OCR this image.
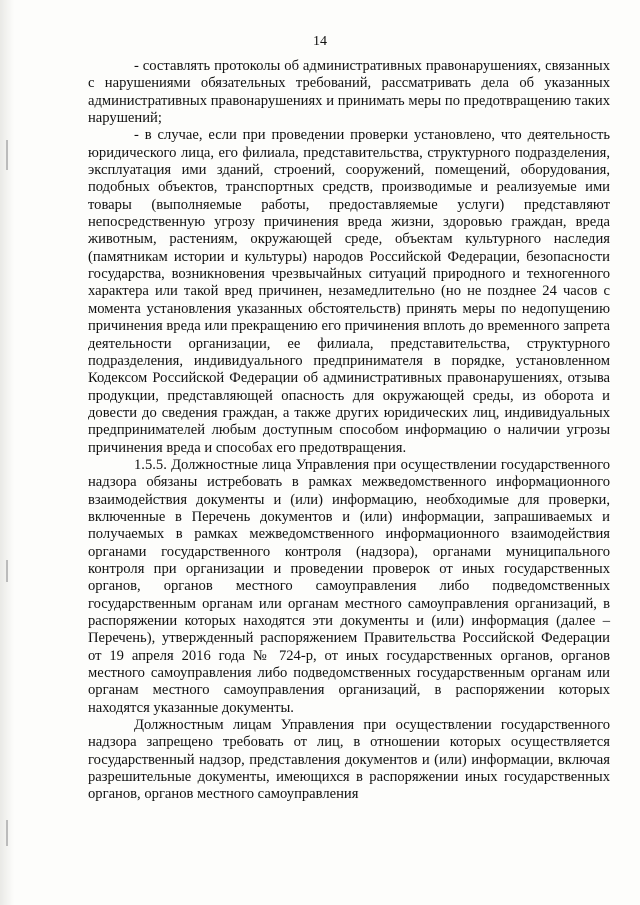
14

- составлять протоколы об административных правонарушениях, связанных с нарушениями обязательных требований, рассматривать дела об указанных административных правонарушениях и принимать меры по предотвращению таких нарушений;

- в случае, если при проведении проверки установлено, что деятельность юридического лица, его филиала, представительства, структурного подразделения, эксплуатация ими зданий, строений, сооружений, помещений, оборудования, подобных объектов, транспортных средств, производимые и реализуемые ими товары (выполняемые работы, предоставляемые услуги) представляют непосредственную угрозу причинения вреда жизни, здоровью граждан, вреда животным, растениям, окружающей среде, объектам культурного наследия (памятникам истории и культуры) народов Российской Федерации, безопасности государства, возникновения чрезвычайных ситуаций природного и техногенного характера или такой вред причинен, незамедлительно (но не позднее 24 часов с момента установления указанных обстоятельств) принять меры по недопущению причинения вреда или прекращению его причинения вплоть до временного запрета деятельности организации, ее филиала, представительства, структурного подразделения, индивидуального предпринимателя в порядке, установленном Кодексом Российской Федерации об административных правонарушениях, отзыва продукции, представляющей опасность для окружающей среды, из оборота и довести до сведения граждан, а также других юридических лиц, индивидуальных предпринимателей любым доступным способом информацию о наличии угрозы причинения вреда и способах его предотвращения.

1.5.5. Должностные лица Управления при осуществлении государственного надзора обязаны истребовать в рамках межведомственного информационного взаимодействия документы и (или) информацию, необходимые для проверки, включенные в Перечень документов и (или) информации, запрашиваемых и получаемых в рамках межведомственного информационного взаимодействия органами государственного контроля (надзора), органами муниципального контроля при организации и проведении проверок от иных государственных органов, органов местного самоуправления либо подведомственных государственным органам или органам местного самоуправления организаций, в распоряжении которых находятся эти документы и (или) информация (далее – Перечень), утвержденный распоряжением Правительства Российской Федерации от 19 апреля 2016 года № 724-р, от иных государственных органов, органов местного самоуправления либо подведомственных государственным органам или органам местного самоуправления организаций, в распоряжении которых находятся указанные документы.

Должностным лицам Управления при осуществлении государственного надзора запрещено требовать от лиц, в отношении которых осуществляется государственный надзор, представления документов и (или) информации, включая разрешительные документы, имеющихся в распоряжении иных государственных органов, органов местного самоуправления
